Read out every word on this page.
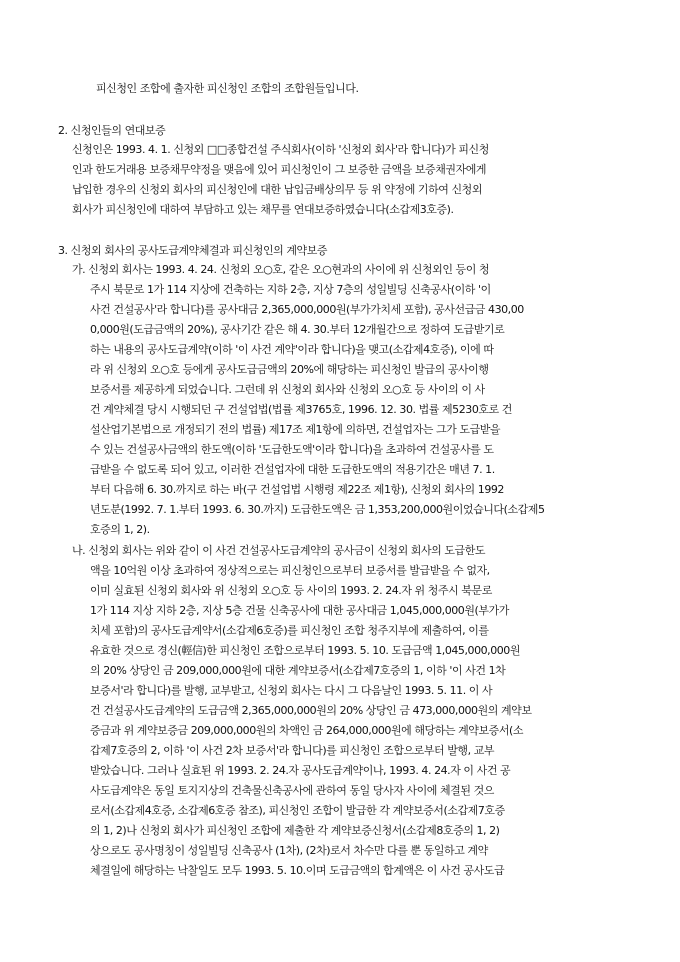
피신청인 조합에 출자한 피신청인 조합의 조합원들입니다.
2. 신청인들의 연대보증
신청인은 1993. 4. 1. 신청외 □□종합건설 주식회사(이하 '신청외 회사'라 합니다)가 피신청
인과 한도거래용 보증채무약정을 맺음에 있어 피신청인이 그 보증한 금액을 보증채권자에게
납입한 경우의 신청외 회사의 피신청인에 대한 납입금배상의무 등 위 약정에 기하여 신청외
회사가 피신청인에 대하여 부담하고 있는 채무를 연대보증하였습니다(소갑제3호증).
3. 신청외 회사의 공사도급계약체결과 피신청인의 계약보증
가. 신청외 회사는 1993. 4. 24. 신청외 오○호, 같은 오○현과의 사이에 위 신청외인 등이 청
주시 북문로 1가 114 지상에 건축하는 지하 2층, 지상 7층의 성일빌딩 신축공사(이하 '이
사건 건설공사'라 합니다)를 공사대금 2,365,000,000원(부가가치세 포함), 공사선급금 430,00
0,000원(도급금액의 20%), 공사기간 같은 해 4. 30.부터 12개월간으로 정하여 도급받기로
하는 내용의 공사도급계약(이하 '이 사건 계약'이라 합니다)을 맺고(소갑제4호증), 이에 따
라 위 신청외 오○호 등에게 공사도급금액의 20%에 해당하는 피신청인 발급의 공사이행
보증서를 제공하게 되었습니다. 그런데 위 신청외 회사와 신청외 오○호 등 사이의 이 사
건 계약체결 당시 시행되던 구 건설업법(법률 제3765호, 1996. 12. 30. 법률 제5230호로 건
설산업기본법으로 개정되기 전의 법률) 제17조 제1항에 의하면, 건설업자는 그가 도급받을
수 있는 건설공사금액의 한도액(이하 '도급한도액'이라 합니다)을 초과하여 건설공사를 도
급받을 수 없도록 되어 있고, 이러한 건설업자에 대한 도급한도액의 적용기간은 매년 7. 1.
부터 다음해 6. 30.까지로 하는 바(구 건설업법 시행령 제22조 제1항), 신청외 회사의 1992
년도분(1992. 7. 1.부터 1993. 6. 30.까지) 도급한도액은 금 1,353,200,000원이었습니다(소갑제5
호증의 1, 2).
나. 신청외 회사는 위와 같이 이 사건 건설공사도급계약의 공사금이 신청외 회사의 도급한도
액을 10억원 이상 초과하여 정상적으로는 피신청인으로부터 보증서를 발급받을 수 없자,
이미 실효된 신청외 회사와 위 신청외 오○호 등 사이의 1993. 2. 24.자 위 청주시 북문로
1가 114 지상 지하 2층, 지상 5층 건물 신축공사에 대한 공사대금 1,045,000,000원(부가가
치세 포함)의 공사도급계약서(소갑제6호증)를 피신청인 조합 청주지부에 제출하여, 이를
유효한 것으로 경신(輕信)한 피신청인 조합으로부터 1993. 5. 10. 도급금액 1,045,000,000원
의 20% 상당인 금 209,000,000원에 대한 계약보증서(소갑제7호증의 1, 이하 '이 사건 1차
보증서'라 합니다)를 발행, 교부받고, 신청외 회사는 다시 그 다음날인 1993. 5. 11. 이 사
건 건설공사도급계약의 도급금액 2,365,000,000원의 20% 상당인 금 473,000,000원의 계약보
증금과 위 계약보증금 209,000,000원의 차액인 금 264,000,000원에 해당하는 계약보증서(소
갑제7호증의 2, 이하 '이 사건 2차 보증서'라 합니다)를 피신청인 조합으로부터 발행, 교부
받았습니다. 그러나 실효된 위 1993. 2. 24.자 공사도급계약이나, 1993. 4. 24.자 이 사건 공
사도급계약은 동일 토지지상의 건축물신축공사에 관하여 동일 당사자 사이에 체결된 것으
로서(소갑제4호증, 소갑제6호증 참조), 피신청인 조합이 발급한 각 계약보증서(소갑제7호증
의 1, 2)나 신청외 회사가 피신청인 조합에 제출한 각 계약보증신청서(소갑제8호증의 1, 2)
상으로도 공사명칭이 성일빌딩 신축공사 (1차), (2차)로서 차수만 다를 뿐 동일하고 계약
체결일에 해당하는 낙찰일도 모두 1993. 5. 10.이며 도급금액의 합계액은 이 사건 공사도급
